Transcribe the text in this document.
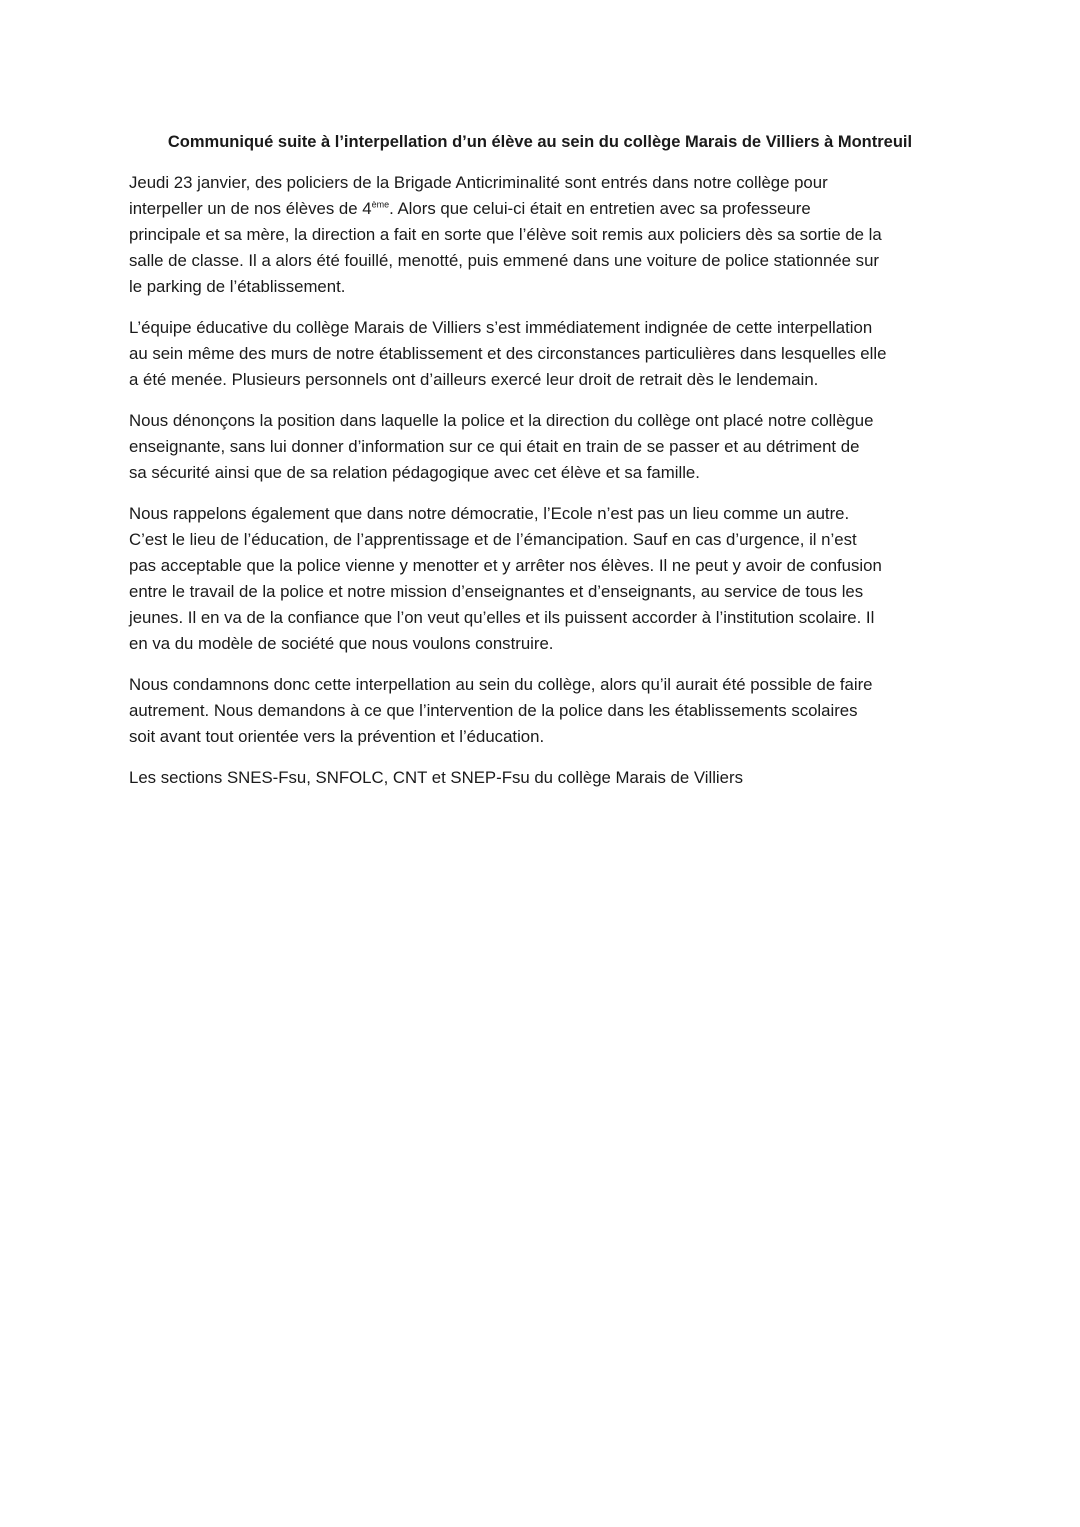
Communiqué suite à l’interpellation d’un élève au sein du collège Marais de Villiers à Montreuil

Jeudi 23 janvier, des policiers de la Brigade Anticriminalité sont entrés dans notre collège pour
interpeller un de nos élèves de 4ème. Alors que celui-ci était en entretien avec sa professeure
principale et sa mère, la direction a fait en sorte que l’élève soit remis aux policiers dès sa sortie de la
salle de classe. Il a alors été fouillé, menotté, puis emmené dans une voiture de police stationnée sur
le parking de l’établissement.

L’équipe éducative du collège Marais de Villiers s’est immédiatement indignée de cette interpellation
au sein même des murs de notre établissement et des circonstances particulières dans lesquelles elle
a été menée. Plusieurs personnels ont d’ailleurs exercé leur droit de retrait dès le lendemain.

Nous dénonçons la position dans laquelle la police et la direction du collège ont placé notre collègue
enseignante, sans lui donner d’information sur ce qui était en train de se passer et au détriment de
sa sécurité ainsi que de sa relation pédagogique avec cet élève et sa famille.

Nous rappelons également que dans notre démocratie, l’Ecole n’est pas un lieu comme un autre.
C’est le lieu de l’éducation, de l’apprentissage et de l’émancipation. Sauf en cas d’urgence, il n’est
pas acceptable que la police vienne y menotter et y arrêter nos élèves. Il ne peut y avoir de confusion
entre le travail de la police et notre mission d’enseignantes et d’enseignants, au service de tous les
jeunes. Il en va de la confiance que l’on veut qu’elles et ils puissent accorder à l’institution scolaire. Il
en va du modèle de société que nous voulons construire.

Nous condamnons donc cette interpellation au sein du collège, alors qu’il aurait été possible de faire
autrement. Nous demandons à ce que l’intervention de la police dans les établissements scolaires
soit avant tout orientée vers la prévention et l’éducation.

Les sections SNES-Fsu, SNFOLC, CNT et SNEP-Fsu du collège Marais de Villiers
